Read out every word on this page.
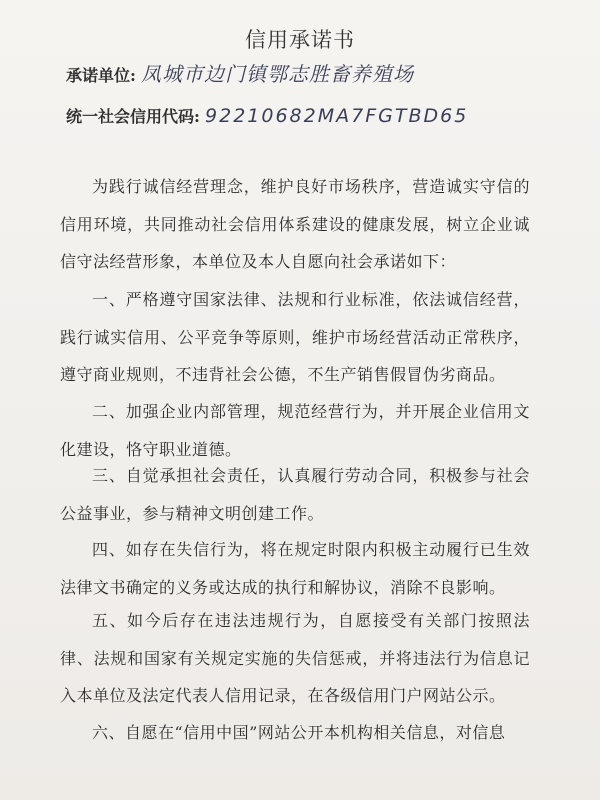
信用承诺书
承诺单位: 凤城市边门镇鄂志胜畜养殖场
统一社会信用代码: 92210682MA7FGTBD65

为践行诚信经营理念，维护良好市场秩序，营造诚实守信的信用环境，共同推动社会信用体系建设的健康发展，树立企业诚信守法经营形象，本单位及本人自愿向社会承诺如下：

一、严格遵守国家法律、法规和行业标准，依法诚信经营，践行诚实信用、公平竞争等原则，维护市场经营活动正常秩序，遵守商业规则，不违背社会公德，不生产销售假冒伪劣商品。

二、加强企业内部管理，规范经营行为，并开展企业信用文化建设，恪守职业道德。

三、自觉承担社会责任，认真履行劳动合同，积极参与社会公益事业，参与精神文明创建工作。

四、如存在失信行为，将在规定时限内积极主动履行已生效法律文书确定的义务或达成的执行和解协议，消除不良影响。

五、如今后存在违法违规行为，自愿接受有关部门按照法律、法规和国家有关规定实施的失信惩戒，并将违法行为信息记入本单位及法定代表人信用记录，在各级信用门户网站公示。

六、自愿在“信用中国”网站公开本机构相关信息，对信息
